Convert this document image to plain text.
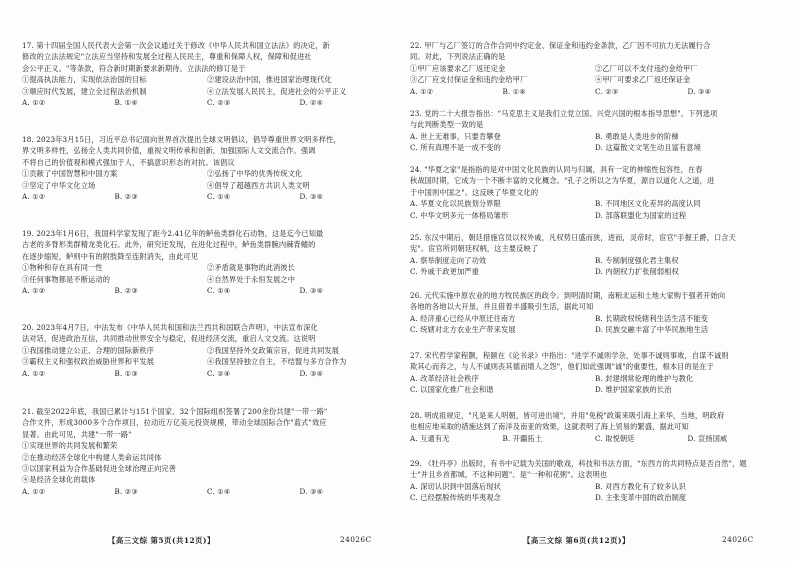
17. 第十四届全国人民代表大会第一次会议通过关于修改《中华人民共和国立法法》的决定，新
修改的立法法规定"立法应当坚持和发展全过程人民民主，尊重和保障人权，保障和促进社
会公平正义。"等条款，符合新时期新要求新期待。立法法的修订是于
①提高执法能力，实现依法治国的目标	②建设法治中国，推进国家治理现代化
③顺应时代发展，建立全过程法治机制	④立法发展人民民主，促进社会的公平正义
A. ①②	B. ①④	C. ②③	D. ②④
18. 2023年3月15日，习近平总书记面向世界首次提出全球文明倡议，倡导尊重世界文明多样性，
界文明多样性，弘扬全人类共同价值，重视文明传承和创新，加强国际人文交流合作。强调
不将自己的价值观和模式强加于人，不搞意识形态的对抗。该倡议
①贡献了中国智慧和中国方案	②弘扬了中华的优秀传统文化
③坚定了中华文化立场	④倡导了超越西方共识人类文明
A. ①②	B. ②③	C. ①④	D. ③④
19. 2023年1月6日，我国科学家发现了距今2.41亿年的鲈鱼类群化石动物，这是迄今已知最
古老的多脊形类群精龙类化石。此外，研究还发现，在进化过程中，鲈鱼类群腕内棘背鳍的
在逐步缩短，鲈则中有的附肢降至连附消失，由此可见
①物种和存在具有同一性	②矛盾就是事物的此消彼长
③任何事物都是不断运动的	④自然界处于永恒发展之中
A. ①②	B. ②③	C. ①④	D. ③④
20. 2023年4月7日，中法发布《中华人民共和国和法兰西共和国联合声明》，中法宣布深化
法对话，促进政治互信，共同推动世界安全与稳定，促进经济交流，重启人文交流。这说明
①我国推动建立公正、合理的国际新秩序	②我国坚持外交政策宗旨，促进共同发展
③霸权主义和强权政治威胁世界和平发展	④我国坚持独立自主，不结盟与多方合作为
A. ①②	B. ①③	C. ②④	D. ③④
21. 截至2022年底，我国已累计与151个国家、32个国际组织签署了200余份共建"一带一路"
合作文件，形成3000多个合作项目，拉动近万亿美元投资规模，带动全球国际合作"蓝式"效应
显著。由此可见，共建"一带一路"
①实现世界的共同发展和繁荣
②在推动经济全球化中构建人类命运共同体
③以国家利益为合作基础促进全球治理正向完善
④是经济全球化的载体
A. ①②	B. ②③	C. ①④	D. ③④
【高三文综 第5页(共12页)】	24026C
22. 甲厂与乙厂签订的合作合同中约定金、保证金和违约金条款，乙厂因不可抗力无法履行合
同。对此，下列说法正确的是
①甲厂应该要求乙厂返还定金	②乙厂可以不支付违约金给甲厂
③乙厂应支付保证金和违约金给甲厂	④甲厂可要求乙厂返还保证金
A. ①②	B. ①④	C. ②③	D. ③④
23. 党的二十大报告指出："马克思主义是我们立党立国、兴党兴国的根本指导思想"。下列选项
与此判断类型一致的是
A. 世上无难事，只要肯攀登	B. 勇敢是人类进步的阶梯
C. 所有真理不是一成不变的	D. 这篇散文文笔生动且富有意境
24. "华夏之家"是指指的是对中国文化民族的认同与归属，具有一定的伸缩性包容性，在春
秋战国时期，它成为一个不断丰富的文化概念。"孔子之所以之为华夏，源自以道化人之道，进
于中国则中国之"。这反映了华夏文化的
A. 华夏文化以民族划分界限	B. 不同地区文化差异的高度认同
C. 中华文明多元一体格局雏形	D. 部落联盟化为国家的过程
25. 东汉中期后，朝廷措施官员以权外戚，凡权势日盛而狭，进而，灵帝时，宦官"手握王爵，口含天
宪"。宦官所同朝廷权柄，这主要反映了
A. 察举制度走向了功效	B. 专制制度强化君主集权
C. 外戚干政更加严重	D. 内朝权力扩张削弱相权
26. 元代实施中原农业的地方牧民族区的政令。到明清时期，南粮北运和土地大家购于强者开始向
各地的各地以大开垦，并且借着丰盛吸引生活，据此可知
A. 经济重心已经从中原迁往南方	B. 长期政权统辖利生活生活不能变
C. 统辖对北方农业生产带来发展	D. 民族交融丰富了中华民族地生活
27. 宋代哲学家程颢，程颐在《论书录》中指出："进学不诚则学杂，处事不诚则事败，自谋不诚则
欺其心而弃之，与人不诚则丧其德而增人之怨"，他们如此强调"诚"的重要性，根本目的是在于
A. 改革经济社会秩序	B. 封建纲常伦理的维护与教化
C. 以国家化推广社会和谐	D. 维护国家家族的长治
28. 明成祖规定，"凡是来人明朝，皆可进出境"，并用"免税"政策来吸引海上来华，当地，明政府
也相应地采取的措施达到了南洋及南亚的效果，这就表明了海上贸易的繁盛，据此可知
A. 互通有无	B. 开疆拓土	C. 取悦朝廷	D. 宣扬国威
29. 《牡丹亭》出版时，有书中记载为关国的歌戏，科技和书法方面，"东西方的共同特点是否自然"，题
士"并且乡首都城，不这种问题"、是"一种和花粥"。这表明也
A. 深切认识到中国落后现状	B. 对西方教化有了较多认识
C. 已经摆脱传统的华夷观念	D. 主张变革中国的政治制度
【高三文综 第6页(共12页)】	24026C
